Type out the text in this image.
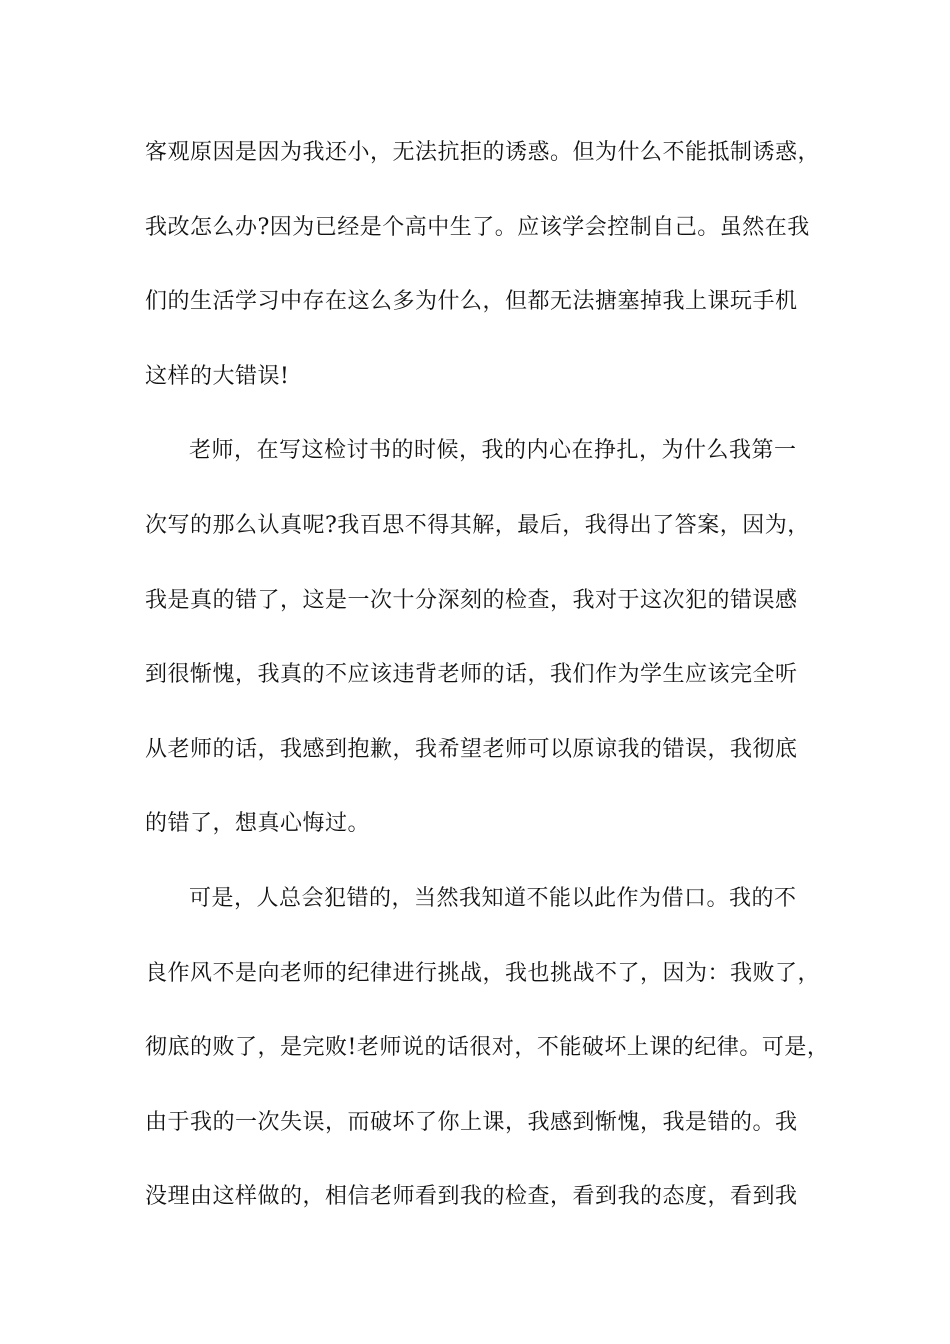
客观原因是因为我还小，无法抗拒的诱惑。但为什么不能抵制诱惑，
我改怎么办?因为已经是个高中生了。应该学会控制自己。虽然在我
们的生活学习中存在这么多为什么，但都无法搪塞掉我上课玩手机
这样的大错误!
老师，在写这检讨书的时候，我的内心在挣扎，为什么我第一
次写的那么认真呢?我百思不得其解，最后，我得出了答案，因为，
我是真的错了，这是一次十分深刻的检查，我对于这次犯的错误感
到很惭愧，我真的不应该违背老师的话，我们作为学生应该完全听
从老师的话，我感到抱歉，我希望老师可以原谅我的错误，我彻底
的错了，想真心悔过。
可是，人总会犯错的，当然我知道不能以此作为借口。我的不
良作风不是向老师的纪律进行挑战，我也挑战不了，因为：我败了，
彻底的败了，是完败!老师说的话很对，不能破坏上课的纪律。可是，
由于我的一次失误，而破坏了你上课，我感到惭愧，我是错的。我
没理由这样做的，相信老师看到我的检查，看到我的态度，看到我
